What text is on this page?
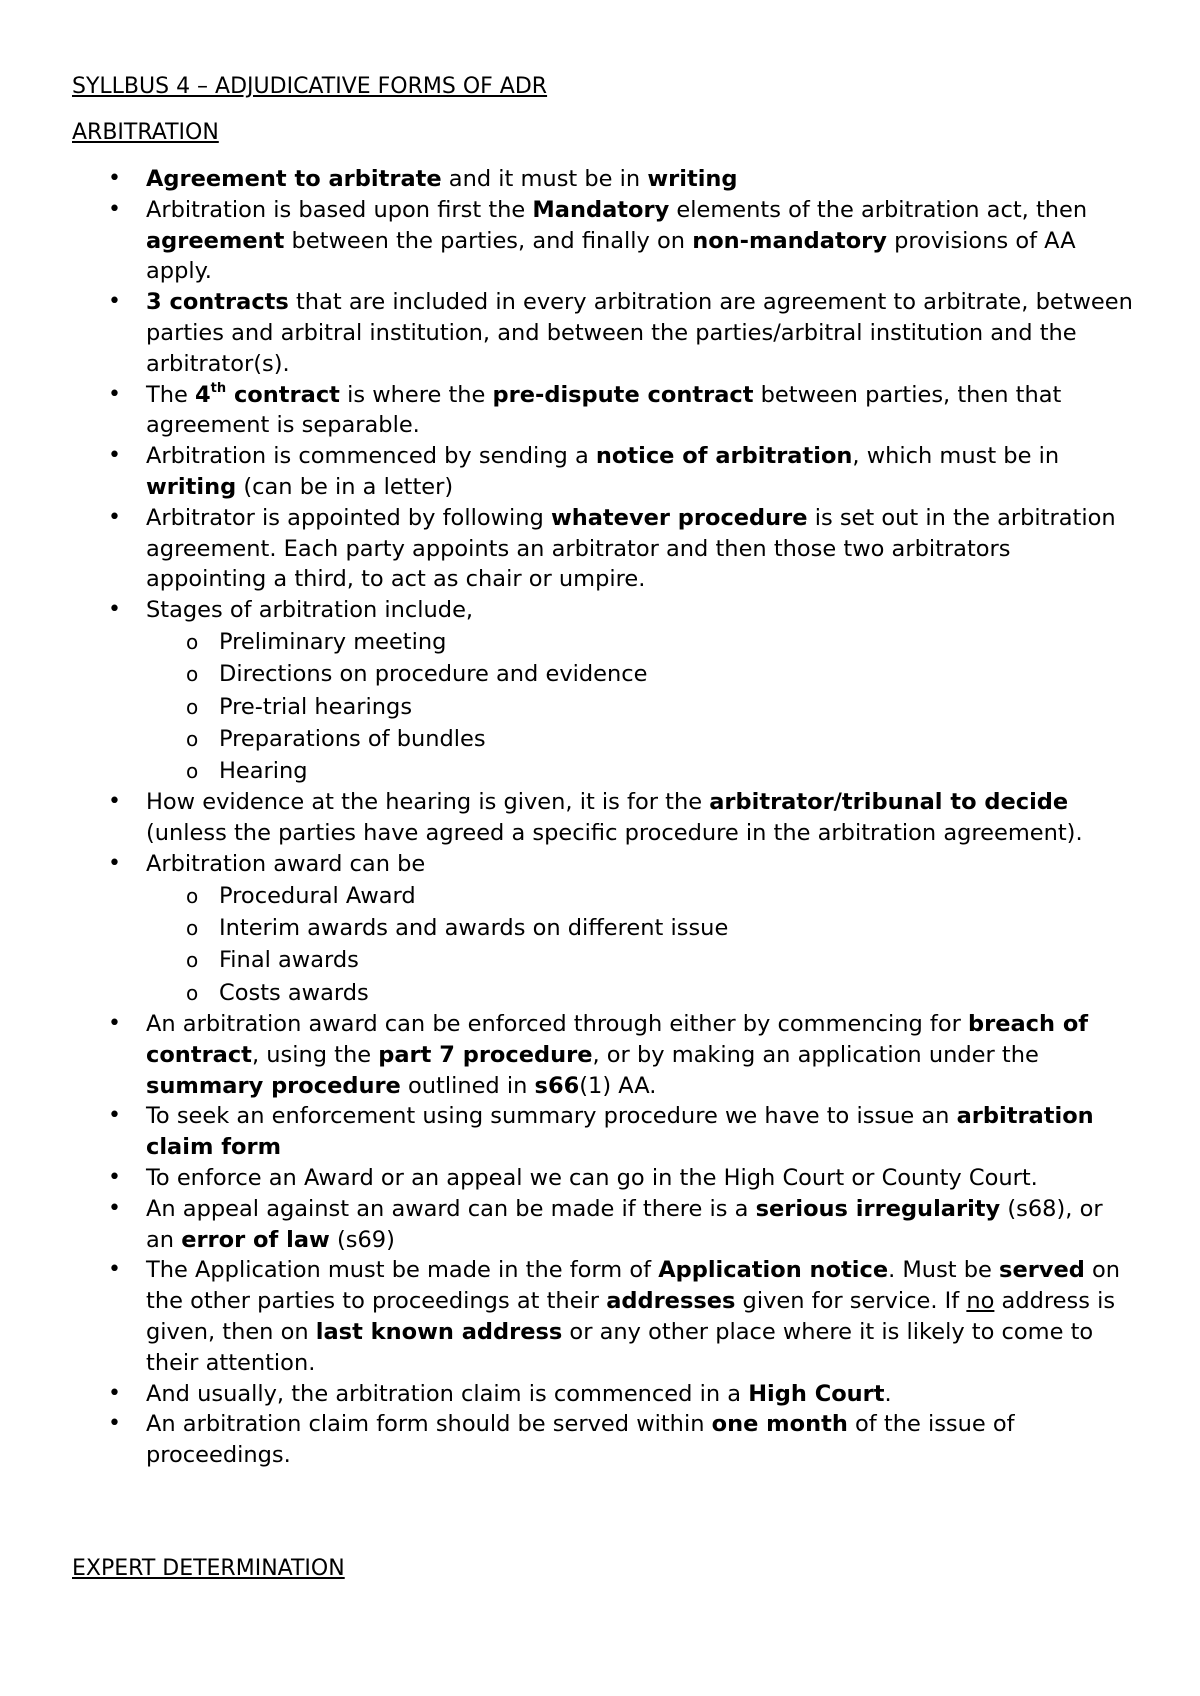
SYLLBUS 4 – ADJUDICATIVE FORMS OF ADR
ARBITRATION
• Agreement to arbitrate and it must be in writing
• Arbitration is based upon first the Mandatory elements of the arbitration act, then agreement between the parties, and finally on non-mandatory provisions of AA apply.
• 3 contracts that are included in every arbitration are agreement to arbitrate, between parties and arbitral institution, and between the parties/arbitral institution and the arbitrator(s).
• The 4th contract is where the pre-dispute contract between parties, then that agreement is separable.
• Arbitration is commenced by sending a notice of arbitration, which must be in writing (can be in a letter)
• Arbitrator is appointed by following whatever procedure is set out in the arbitration agreement. Each party appoints an arbitrator and then those two arbitrators appointing a third, to act as chair or umpire.
• Stages of arbitration include,
o Preliminary meeting
o Directions on procedure and evidence
o Pre-trial hearings
o Preparations of bundles
o Hearing
• How evidence at the hearing is given, it is for the arbitrator/tribunal to decide (unless the parties have agreed a specific procedure in the arbitration agreement).
• Arbitration award can be
o Procedural Award
o Interim awards and awards on different issue
o Final awards
o Costs awards
• An arbitration award can be enforced through either by commencing for breach of contract, using the part 7 procedure, or by making an application under the summary procedure outlined in s66(1) AA.
• To seek an enforcement using summary procedure we have to issue an arbitration claim form
• To enforce an Award or an appeal we can go in the High Court or County Court.
• An appeal against an award can be made if there is a serious irregularity (s68), or an error of law (s69)
• The Application must be made in the form of Application notice. Must be served on the other parties to proceedings at their addresses given for service. If no address is given, then on last known address or any other place where it is likely to come to their attention.
• And usually, the arbitration claim is commenced in a High Court.
• An arbitration claim form should be served within one month of the issue of proceedings.
EXPERT DETERMINATION
